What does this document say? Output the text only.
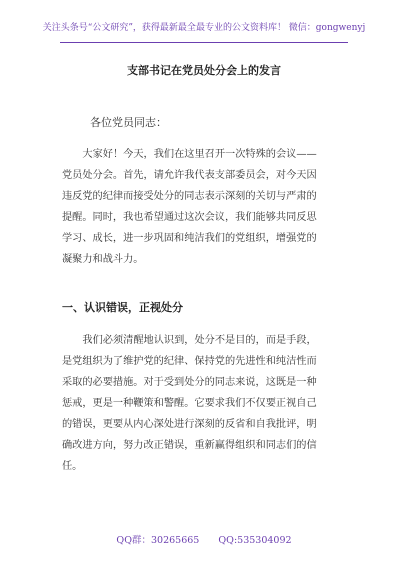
关注头条号“公文研究”，获得最新最全最专业的公文资料库！ 微信：gongwenyj
支部书记在党员处分会上的发言
各位党员同志：
大家好！今天，我们在这里召开一次特殊的会议——
党员处分会。首先，请允许我代表支部委员会，对今天因
违反党的纪律而接受处分的同志表示深刻的关切与严肃的
提醒。同时，我也希望通过这次会议，我们能够共同反思
学习、成长，进一步巩固和纯洁我们的党组织，增强党的
凝聚力和战斗力。
一、认识错误，正视处分
我们必须清醒地认识到，处分不是目的，而是手段，
是党组织为了维护党的纪律、保持党的先进性和纯洁性而
采取的必要措施。对于受到处分的同志来说，这既是一种
惩戒，更是一种鞭策和警醒。它要求我们不仅要正视自己
的错误，更要从内心深处进行深刻的反省和自我批评，明
确改进方向，努力改正错误，重新赢得组织和同志们的信
任。
QQ群：30265665 QQ:535304092
